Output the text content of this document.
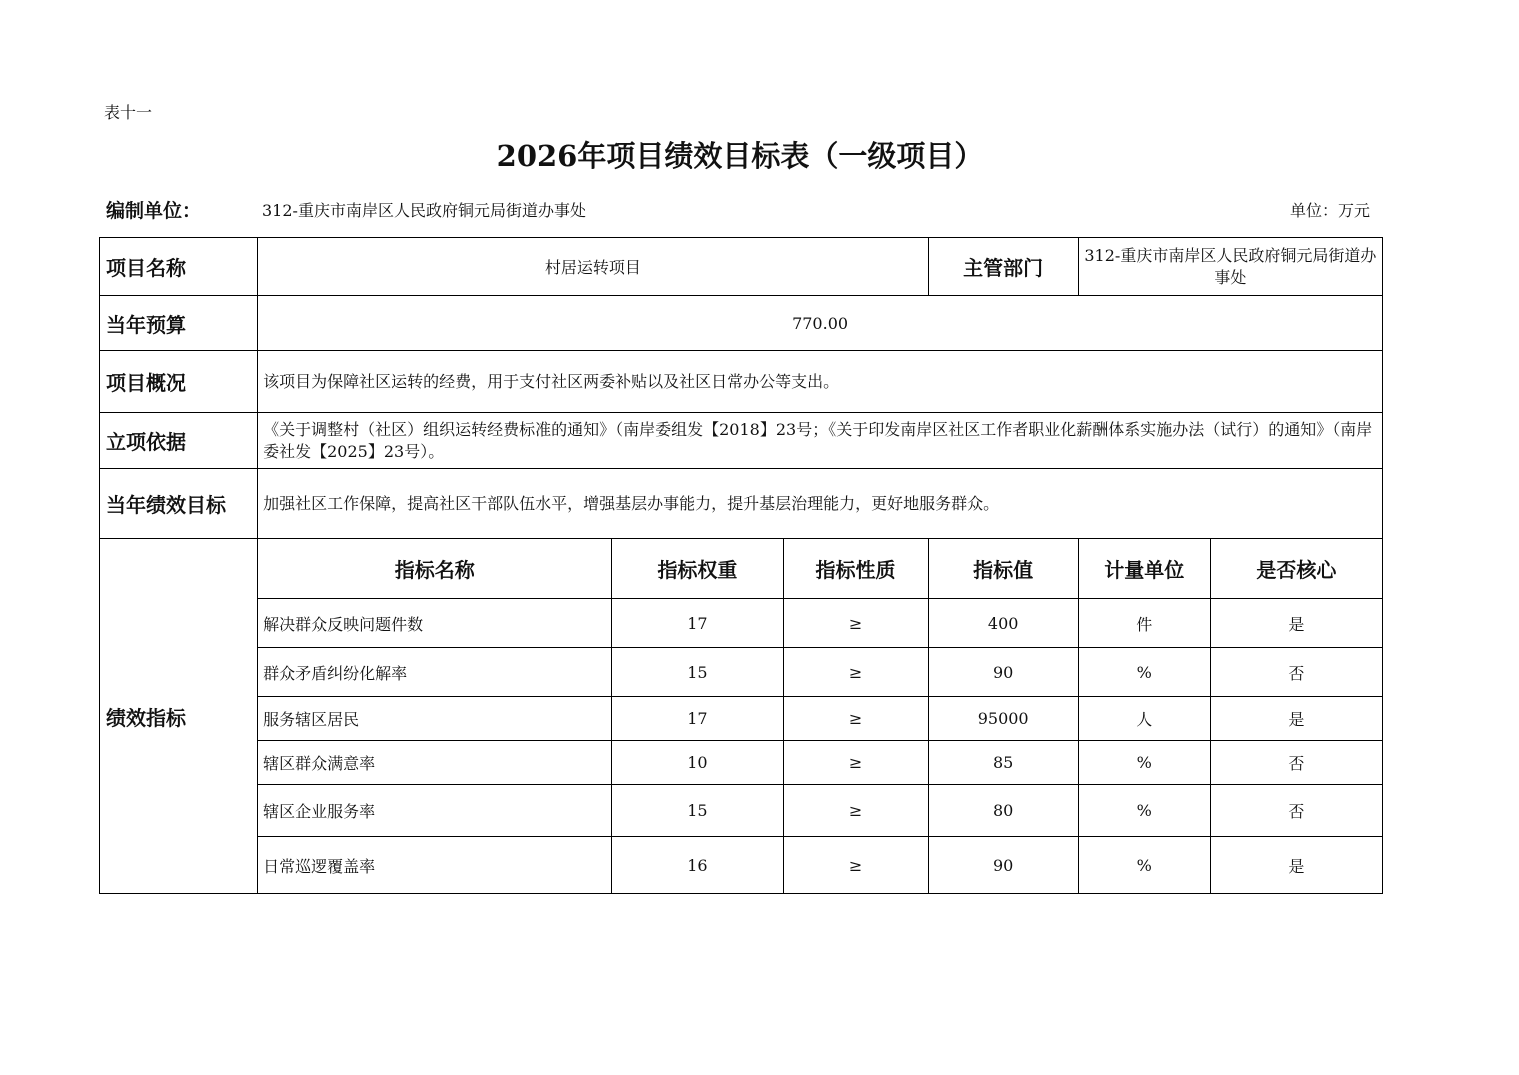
表十一
2026年项目绩效目标表（一级项目）
编制单位：	312-重庆市南岸区人民政府铜元局街道办事处	单位：万元
项目名称	村居运转项目			主管部门	312-重庆市南岸区人民政府铜元局街道办事处	
当年预算	770.00					
项目概况	该项目为保障社区运转的经费，用于支付社区两委补贴以及社区日常办公等支出。					
立项依据	《关于调整村（社区）组织运转经费标准的通知》（南岸委组发【2018】23号；《关于印发南岸区社区工作者职业化薪酬体系实施办法（试行）的通知》（南岸委社发【2025】23号）。					
当年绩效目标	加强社区工作保障，提高社区干部队伍水平，增强基层办事能力，提升基层治理能力，更好地服务群众。					
绩效指标	指标名称	指标权重	指标性质	指标值	计量单位	是否核心
	解决群众反映问题件数	17	≥	400	件	是
	群众矛盾纠纷化解率	15	≥	90	%	否
	服务辖区居民	17	≥	95000	人	是
	辖区群众满意率	10	≥	85	%	否
	辖区企业服务率	15	≥	80	%	否
	日常巡逻覆盖率	16	≥	90	%	是
